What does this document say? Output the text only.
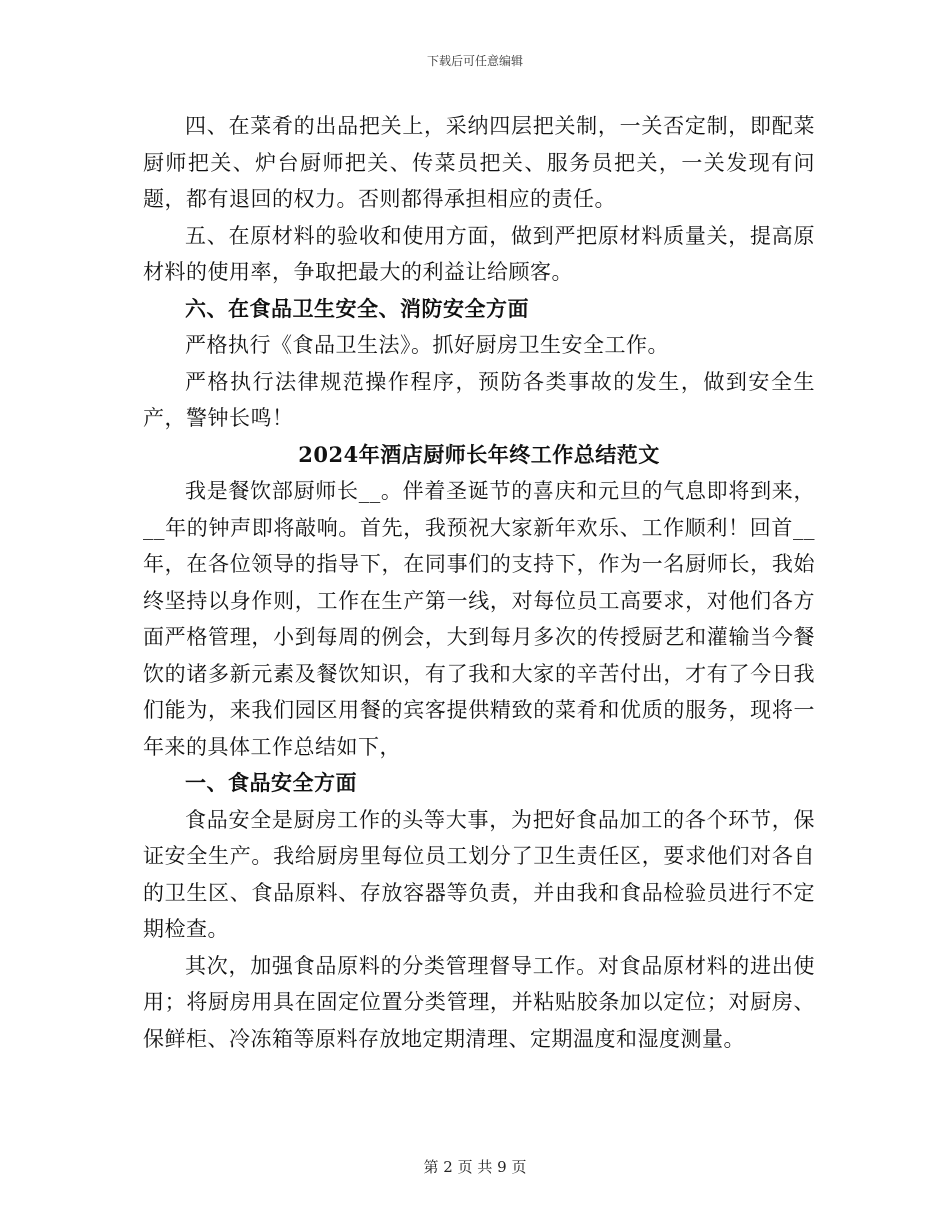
下载后可任意编辑

四、在菜肴的出品把关上，采纳四层把关制，一关否定制，即配菜厨师把关、炉台厨师把关、传菜员把关、服务员把关，一关发现有问题，都有退回的权力。否则都得承担相应的责任。

五、在原材料的验收和使用方面，做到严把原材料质量关，提高原材料的使用率，争取把最大的利益让给顾客。

六、在食品卫生安全、消防安全方面

严格执行《食品卫生法》。抓好厨房卫生安全工作。

严格执行法律规范操作程序，预防各类事故的发生，做到安全生产，警钟长鸣！

2024年酒店厨师长年终工作总结范文

我是餐饮部厨师长__。伴着圣诞节的喜庆和元旦的气息即将到来，__年的钟声即将敲响。首先，我预祝大家新年欢乐、工作顺利！回首__年，在各位领导的指导下，在同事们的支持下，作为一名厨师长，我始终坚持以身作则，工作在生产第一线，对每位员工高要求，对他们各方面严格管理，小到每周的例会，大到每月多次的传授厨艺和灌输当今餐饮的诸多新元素及餐饮知识，有了我和大家的辛苦付出，才有了今日我们能为，来我们园区用餐的宾客提供精致的菜肴和优质的服务，现将一年来的具体工作总结如下，

一、食品安全方面

食品安全是厨房工作的头等大事，为把好食品加工的各个环节，保证安全生产。我给厨房里每位员工划分了卫生责任区，要求他们对各自的卫生区、食品原料、存放容器等负责，并由我和食品检验员进行不定期检查。

其次，加强食品原料的分类管理督导工作。对食品原材料的进出使用；将厨房用具在固定位置分类管理，并粘贴胶条加以定位；对厨房、保鲜柜、冷冻箱等原料存放地定期清理、定期温度和湿度测量。

第 2 页 共 9 页
